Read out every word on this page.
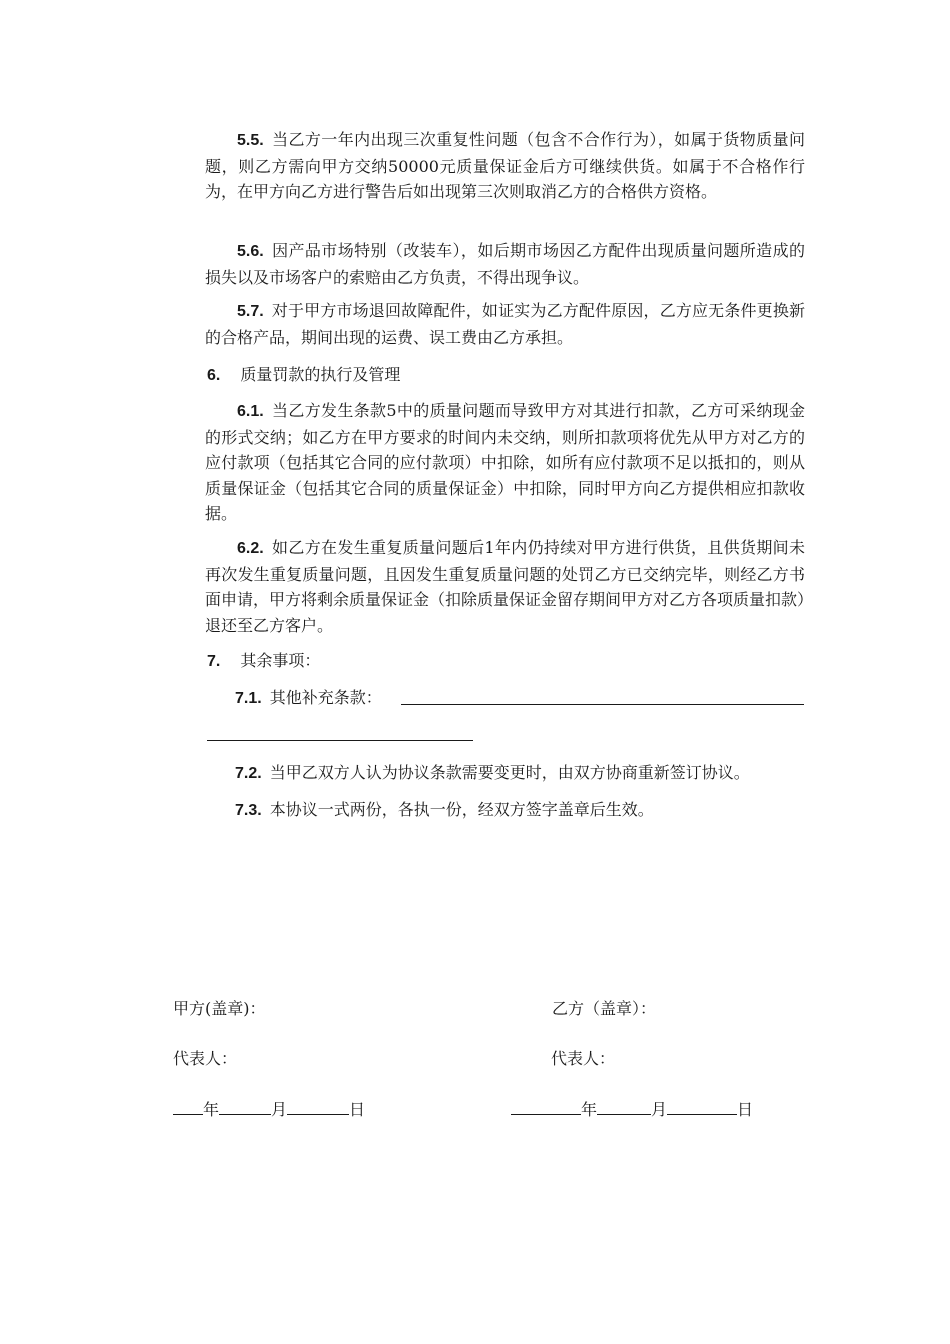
5.5. 当乙方一年内出现三次重复性问题（包含不合作行为），如属于货物质量问题，则乙方需向甲方交纳50000元质量保证金后方可继续供货。如属于不合格作行为，在甲方向乙方进行警告后如出现第三次则取消乙方的合格供方资格。

5.6. 因产品市场特别（改装车），如后期市场因乙方配件出现质量问题所造成的损失以及市场客户的索赔由乙方负责，不得出现争议。

5.7. 对于甲方市场退回故障配件，如证实为乙方配件原因，乙方应无条件更换新的合格产品，期间出现的运费、误工费由乙方承担。

6. 质量罚款的执行及管理

6.1. 当乙方发生条款5中的质量问题而导致甲方对其进行扣款，乙方可采纳现金的形式交纳；如乙方在甲方要求的时间内未交纳，则所扣款项将优先从甲方对乙方的应付款项（包括其它合同的应付款项）中扣除，如所有应付款项不足以抵扣的，则从质量保证金（包括其它合同的质量保证金）中扣除，同时甲方向乙方提供相应扣款收据。

6.2. 如乙方在发生重复质量问题后1年内仍持续对甲方进行供货，且供货期间未再次发生重复质量问题，且因发生重复质量问题的处罚乙方已交纳完毕，则经乙方书面申请，甲方将剩余质量保证金（扣除质量保证金留存期间甲方对乙方各项质量扣款）退还至乙方客户。

7. 其余事项：

7.1. 其他补充条款：

7.2. 当甲乙双方人认为协议条款需要变更时，由双方协商重新签订协议。

7.3. 本协议一式两份，各执一份，经双方签字盖章后生效。

甲方(盖章)：	乙方（盖章）：
代表人：	代表人：
年	月	日	年	月	日
